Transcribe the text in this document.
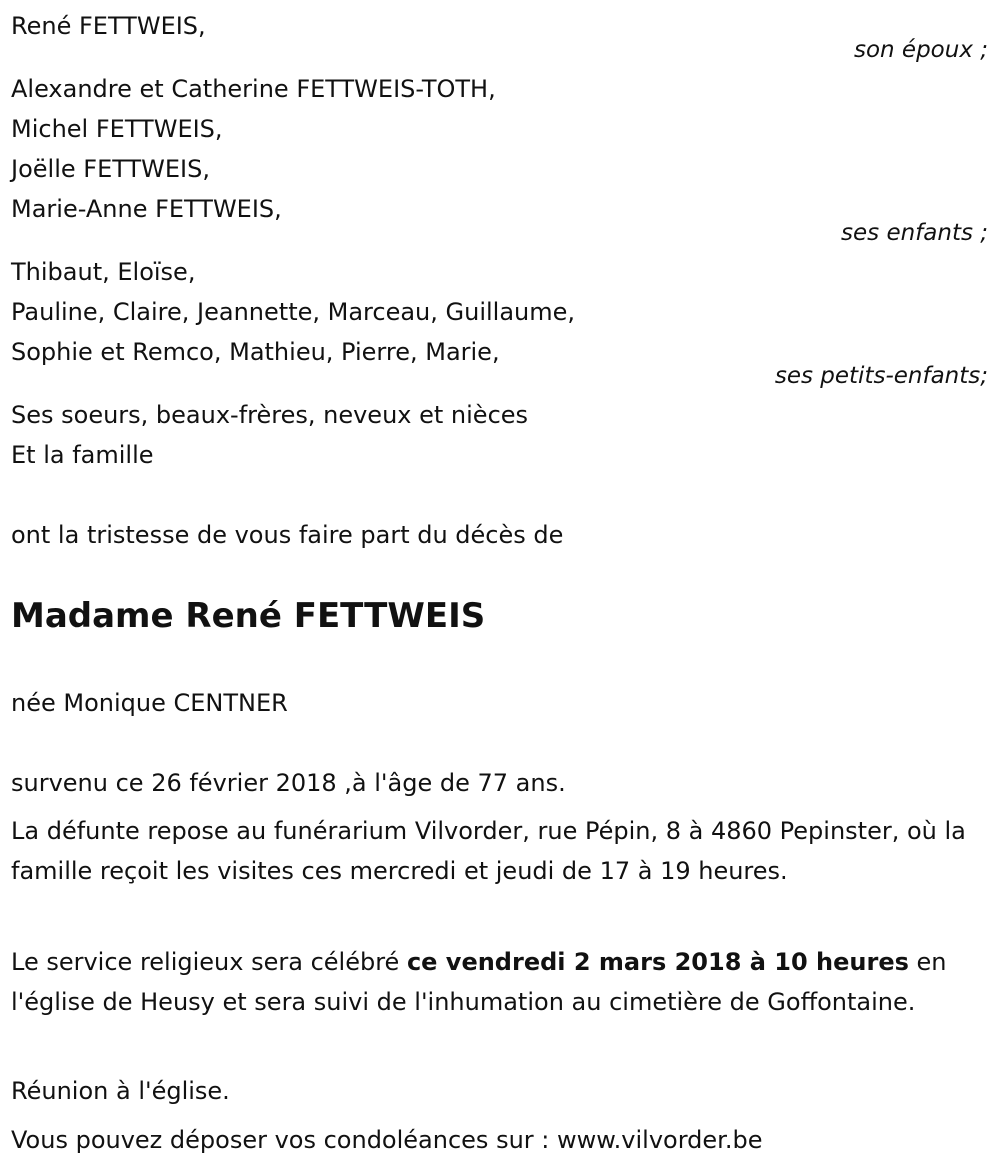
René FETTWEIS,
son époux ;
Alexandre et Catherine FETTWEIS-TOTH,
Michel FETTWEIS,
Joëlle FETTWEIS,
Marie-Anne FETTWEIS,
ses enfants ;
Thibaut, Eloïse,
Pauline, Claire, Jeannette, Marceau, Guillaume,
Sophie et Remco, Mathieu, Pierre, Marie,
ses petits-enfants;
Ses soeurs, beaux-frères, neveux et nièces
Et la famille
ont la tristesse de vous faire part du décès de
Madame René FETTWEIS
née Monique CENTNER
survenu ce 26 février 2018 ,à l'âge de 77 ans.
La défunte repose au funérarium Vilvorder, rue Pépin, 8 à 4860 Pepinster, où la famille reçoit les visites ces mercredi et jeudi de 17 à 19 heures.
Le service religieux sera célébré ce vendredi 2 mars 2018 à 10 heures en l'église de Heusy et sera suivi de l'inhumation au cimetière de Goffontaine.
Réunion à l'église.
Vous pouvez déposer vos condoléances sur : www.vilvorder.be
